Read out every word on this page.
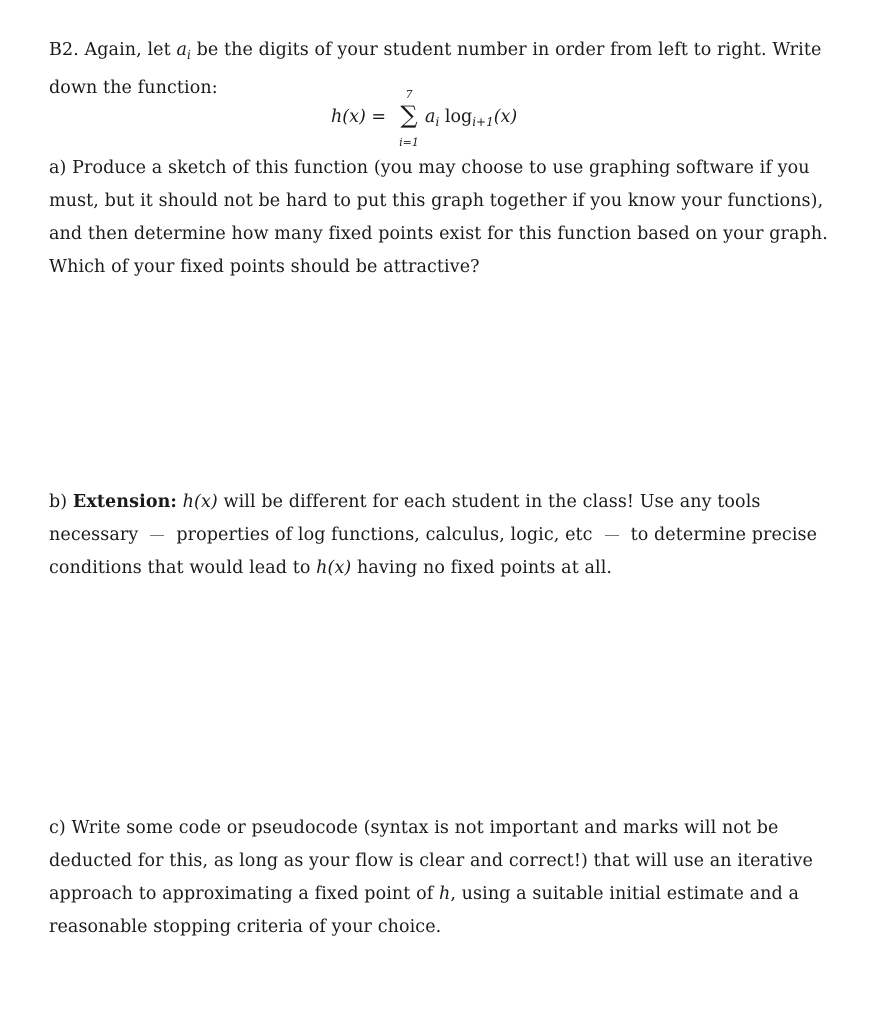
B2. Again, let $a_i$ be the digits of your student number in order from left to right. Write
down the function:

h(x) =
7
∑
i=1
$a_i$ $\log_{i+1}(x)$

a) Produce a sketch of this function (you may choose to use graphing software if you must, but it should not be hard to put this graph together if you know your functions), and then determine how many fixed points exist for this function based on your graph. Which of your fixed points should be attractive?

b) Extension: h(x) will be different for each student in the class! Use any tools
necessary properties of log functions, calculus, logic, etc to determine precise
conditions that would lead to h(x) having no fixed points at all.

c) Write some code or pseudocode (syntax is not important and marks will not be deducted for this, as long as your flow is clear and correct!) that will use an iterative approach to approximating a fixed point of h, using a suitable initial estimate and a reasonable stopping criteria of your choice.
